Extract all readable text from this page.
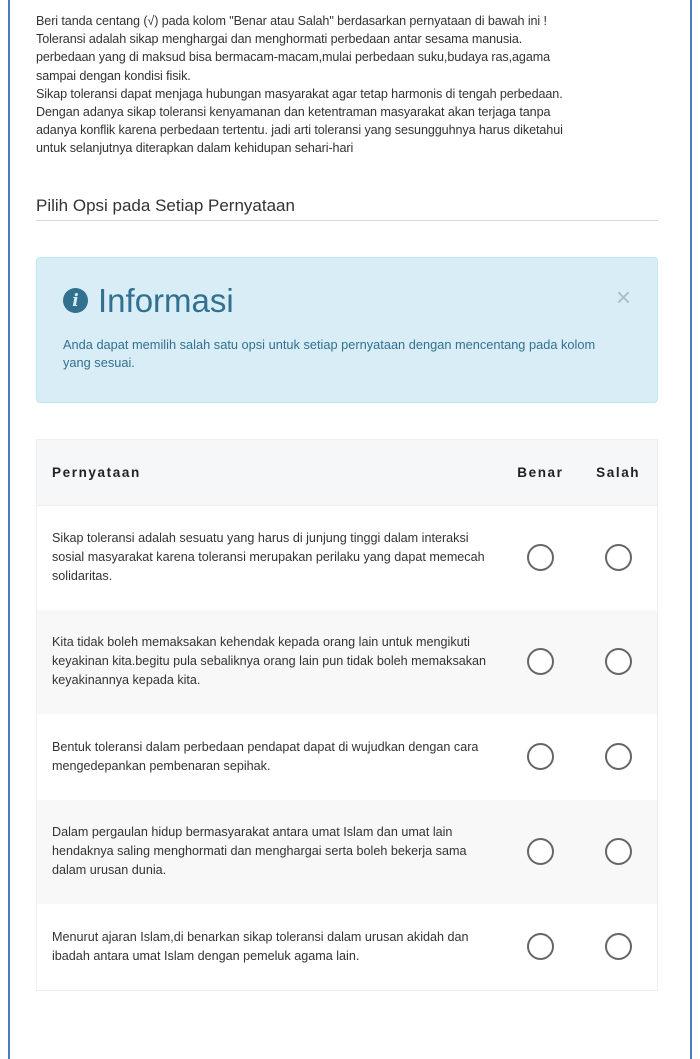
Beri tanda centang (√) pada kolom "Benar atau Salah" berdasarkan pernyataan di bawah ini !

Toleransi adalah sikap menghargai dan menghormati perbedaan antar sesama manusia.

perbedaan yang di maksud bisa bermacam-macam,mulai perbedaan suku,budaya ras,agama

sampai dengan kondisi fisik.

Sikap toleransi dapat menjaga hubungan masyarakat agar tetap harmonis di tengah perbedaan.

Dengan adanya sikap toleransi kenyamanan dan ketentraman masyarakat akan terjaga tanpa

adanya konflik karena perbedaan tertentu. jadi arti toleransi yang sesungguhnya harus diketahui

untuk selanjutnya diterapkan dalam kehidupan sehari-hari

Pilih Opsi pada Setiap Pernyataan
i Informasi	×
Anda dapat memilih salah satu opsi untuk setiap pernyataan dengan mencentang pada kolom yang sesuai.
Pernyataan	Benar	Salah
Sikap toleransi adalah sesuatu yang harus di junjung tinggi dalam interaksi sosial masyarakat karena toleransi merupakan perilaku yang dapat memecah solidaritas.
Kita tidak boleh memaksakan kehendak kepada orang lain untuk mengikuti keyakinan kita.begitu pula sebaliknya orang lain pun tidak boleh memaksakan keyakinannya kepada kita.
Bentuk toleransi dalam perbedaan pendapat dapat di wujudkan dengan cara mengedepankan pembenaran sepihak.
Dalam pergaulan hidup bermasyarakat antara umat Islam dan umat lain hendaknya saling menghormati dan menghargai serta boleh bekerja sama dalam urusan dunia.
Menurut ajaran Islam,di benarkan sikap toleransi dalam urusan akidah dan ibadah antara umat Islam dengan pemeluk agama lain.
